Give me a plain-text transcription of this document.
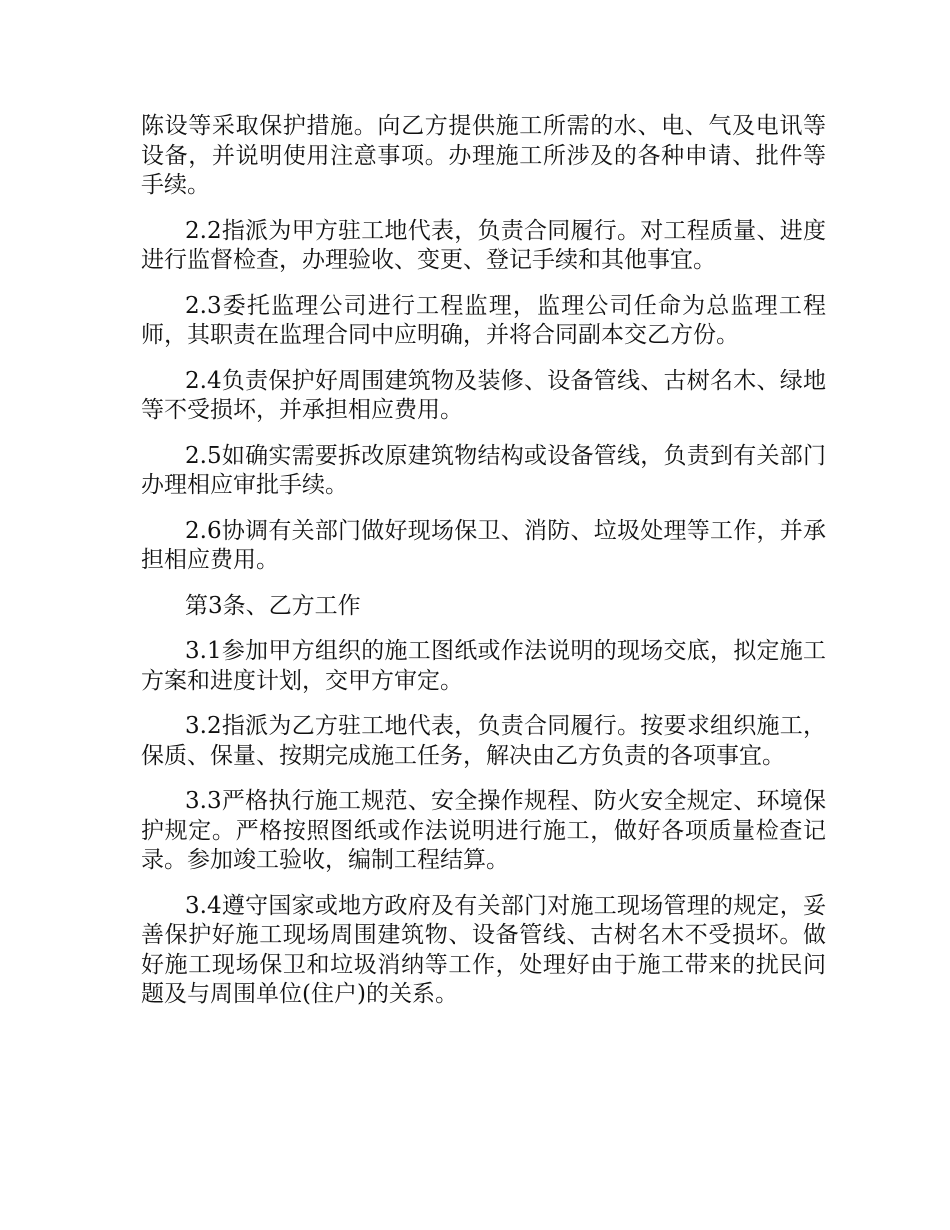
陈设等采取保护措施。向乙方提供施工所需的水、电、气及电讯等设备，并说明使用注意事项。办理施工所涉及的各种申请、批件等手续。

2.2指派为甲方驻工地代表，负责合同履行。对工程质量、进度进行监督检查，办理验收、变更、登记手续和其他事宜。

2.3委托监理公司进行工程监理，监理公司任命为总监理工程师，其职责在监理合同中应明确，并将合同副本交乙方份。

2.4负责保护好周围建筑物及装修、设备管线、古树名木、绿地等不受损坏，并承担相应费用。

2.5如确实需要拆改原建筑物结构或设备管线，负责到有关部门办理相应审批手续。

2.6协调有关部门做好现场保卫、消防、垃圾处理等工作，并承担相应费用。

第3条、乙方工作

3.1参加甲方组织的施工图纸或作法说明的现场交底，拟定施工方案和进度计划，交甲方审定。

3.2指派为乙方驻工地代表，负责合同履行。按要求组织施工，保质、保量、按期完成施工任务，解决由乙方负责的各项事宜。

3.3严格执行施工规范、安全操作规程、防火安全规定、环境保护规定。严格按照图纸或作法说明进行施工，做好各项质量检查记录。参加竣工验收，编制工程结算。

3.4遵守国家或地方政府及有关部门对施工现场管理的规定，妥善保护好施工现场周围建筑物、设备管线、古树名木不受损坏。做好施工现场保卫和垃圾消纳等工作，处理好由于施工带来的扰民问题及与周围单位(住户)的关系。
